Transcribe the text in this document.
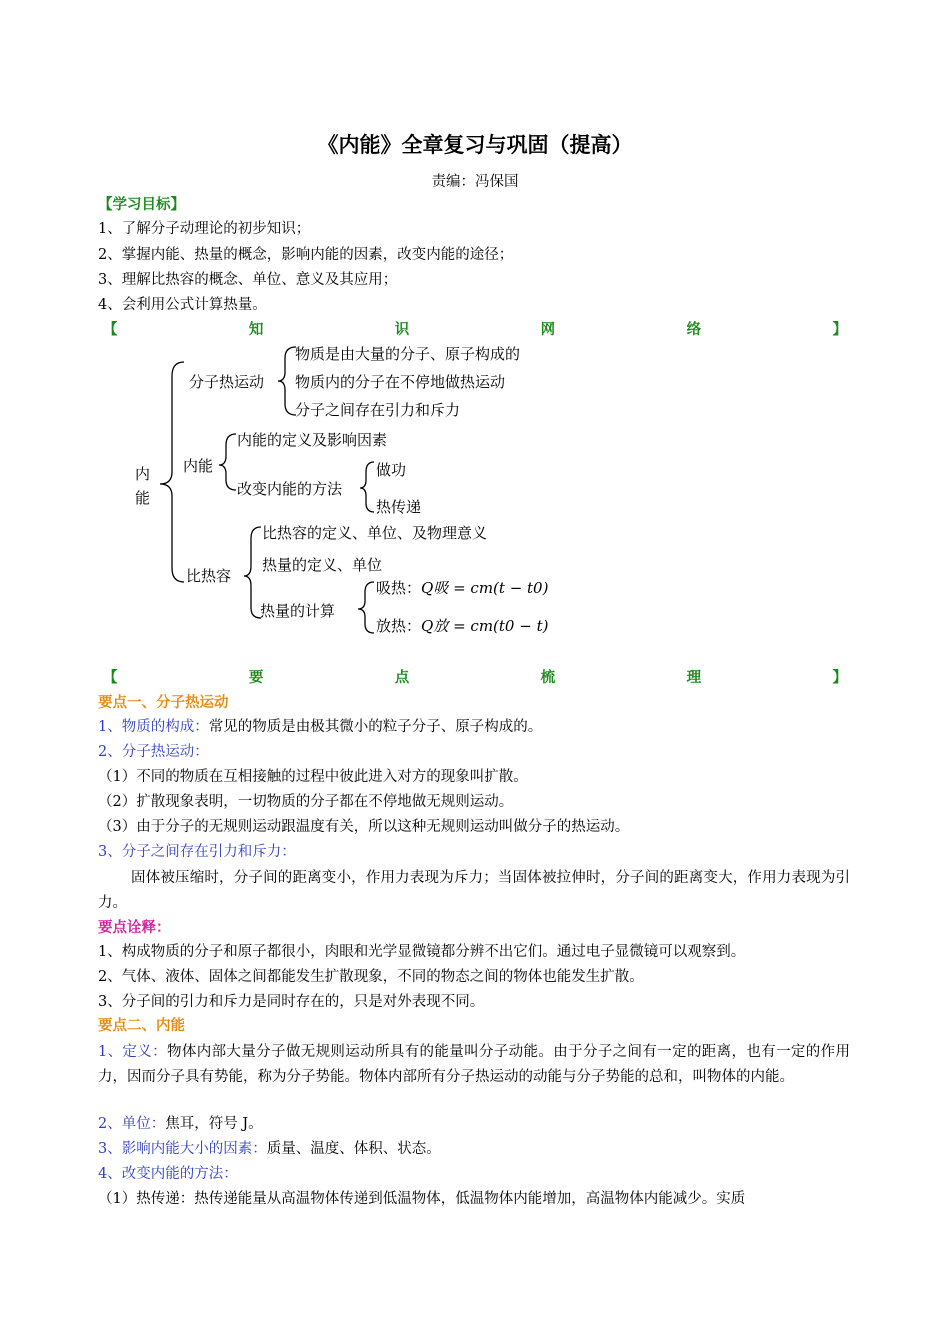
《内能》全章复习与巩固（提高）
责编：冯保国
【学习目标】
1、了解分子动理论的初步知识；
2、掌握内能、热量的概念，影响内能的因素，改变内能的途径；
3、理解比热容的概念、单位、意义及其应用；
4、会利用公式计算热量。
【	知	识	网	络	】
内
能
分子热运动
物质是由大量的分子、原子构成的
物质内的分子在不停地做热运动
分子之间存在引力和斥力
内能
内能的定义及影响因素
改变内能的方法
做功
热传递
比热容
比热容的定义、单位、及物理意义
热量的定义、单位
热量的计算
吸热：Q吸 = cm(t − t0)
放热：Q放 = cm(t0 − t)
【	要	点	梳	理	】
要点一、分子热运动
1、物质的构成：常见的物质是由极其微小的粒子分子、原子构成的。
2、分子热运动：
（1）不同的物质在互相接触的过程中彼此进入对方的现象叫扩散。
（2）扩散现象表明，一切物质的分子都在不停地做无规则运动。
（3）由于分子的无规则运动跟温度有关，所以这种无规则运动叫做分子的热运动。
3、分子之间存在引力和斥力：
固体被压缩时，分子间的距离变小，作用力表现为斥力；当固体被拉伸时，分子间的距离变大，作用力表现为引力。
要点诠释：
1、构成物质的分子和原子都很小，肉眼和光学显微镜都分辨不出它们。通过电子显微镜可以观察到。
2、气体、液体、固体之间都能发生扩散现象，不同的物态之间的物体也能发生扩散。
3、分子间的引力和斥力是同时存在的，只是对外表现不同。
要点二、内能
1、定义：物体内部大量分子做无规则运动所具有的能量叫分子动能。由于分子之间有一定的距离，也有一定的作用力，因而分子具有势能，称为分子势能。物体内部所有分子热运动的动能与分子势能的总和，叫物体的内能。
2、单位：焦耳，符号 J。
3、影响内能大小的因素：质量、温度、体积、状态。
4、改变内能的方法：
（1）热传递：热传递能量从高温物体传递到低温物体，低温物体内能增加，高温物体内能减少。实质
